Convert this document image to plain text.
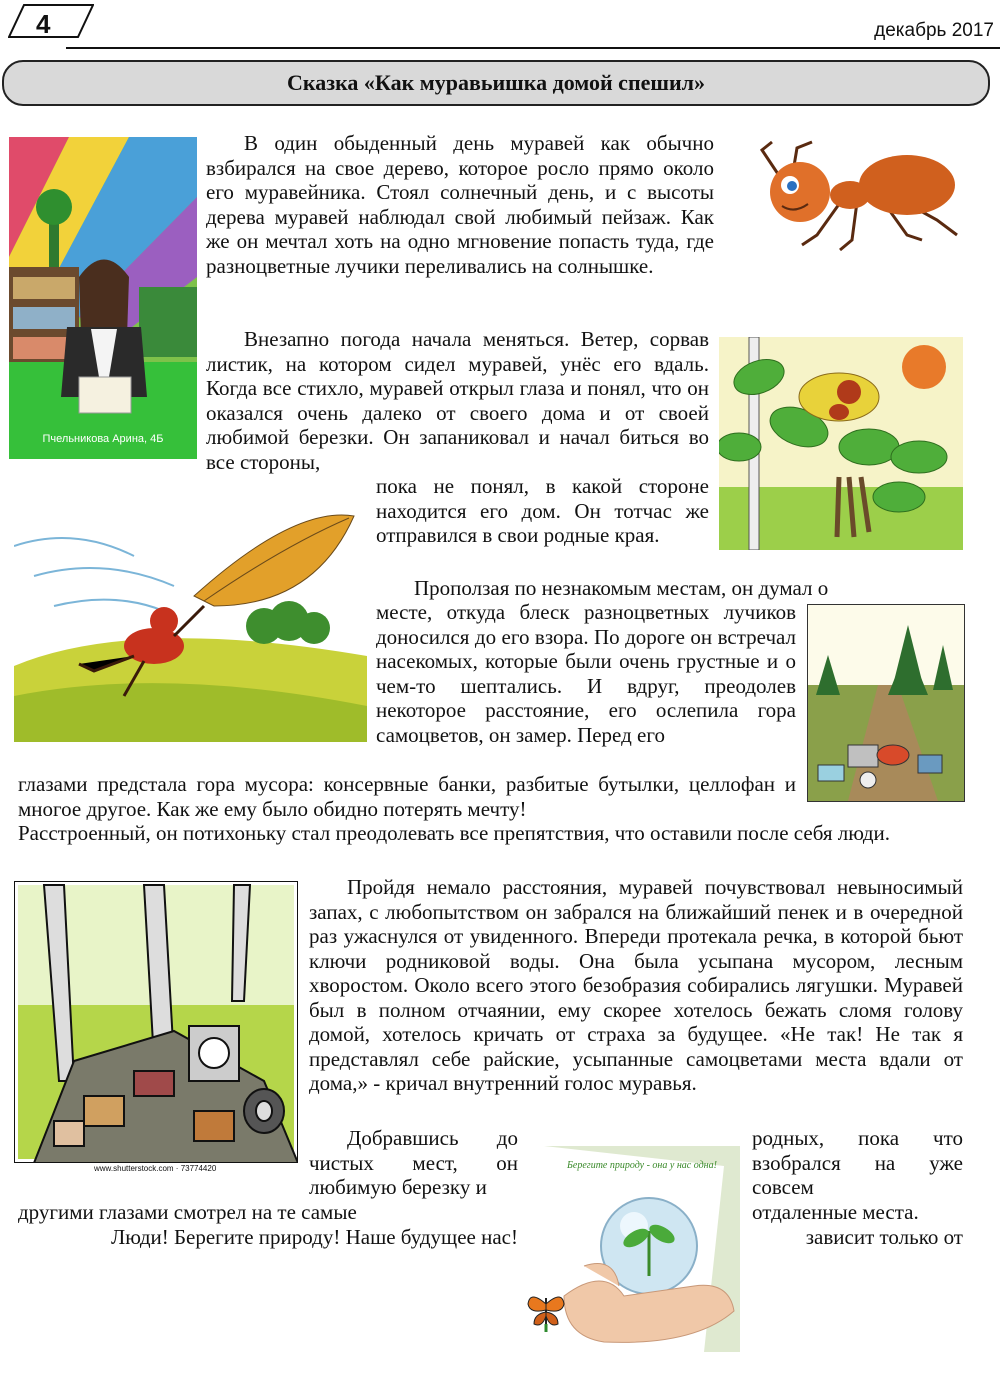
4	декабрь 2017
Сказка «Как муравьишка домой спешил»
Пчельникова Арина, 4Б

В один обыденный день муравей как обычно взбирался на свое дерево, которое росло прямо около его муравейника. Стоял солнечный день, и с высоты дерева муравей наблюдал свой любимый пейзаж. Как же он мечтал хоть на одно мгновение попасть туда, где разноцветные лучики переливались на солнышке.

Внезапно погода начала меняться. Ветер, сорвав листик, на котором сидел муравей, унёс его вдаль. Когда все стихло, муравей открыл глаза и понял, что он оказался очень далеко от своего дома и от своей любимой березки. Он запаниковал и начал биться во все стороны,

пока не понял, в какой стороне находится его дом. Он тотчас же отправился в свои родные края.

Проползая по незнакомым местам, он думал о

месте, откуда блеск разноцветных лучиков доносился до его взора. По дороге он встречал насекомых, которые были очень грустные и о чем-то шептались. И вдруг, преодолев некоторое расстояние, его ослепила гора самоцветов, он замер. Перед его

глазами предстала гора мусора: консервные банки, разбитые бутылки, целлофан и многое другое. Как же ему было обидно потерять мечту!

Расстроенный, он потихоньку стал преодолевать все препятствия, что оставили после себя люди.

www.shutterstock.com · 73774420

Пройдя немало расстояния, муравей почувствовал невыносимый запах, с любопытством он забрался на ближайший пенек и в очередной раз ужаснулся от увиденного. Впереди протекала речка, в которой бьют ключи родниковой воды. Она была усыпана мусором, лесным хворостом. Около всего этого безобразия собирались лягушки. Муравей был в полном отчаянии, ему скорее хотелось бежать сломя голову домой, хотелось кричать от страха за будущее. «Не так! Не так я представлял себе райские, усыпанные самоцветами места вдали от дома,» - кричал внутренний голос муравья.

Добравшись до чистых мест, он любимую березку и

родных, пока что взобрался на уже совсем

другими глазами смотрел на те самые	отдаленные места.

Люди! Берегите природу! Наше будущее нас!	зависит только от

Берегите природу - она у нас одна!
